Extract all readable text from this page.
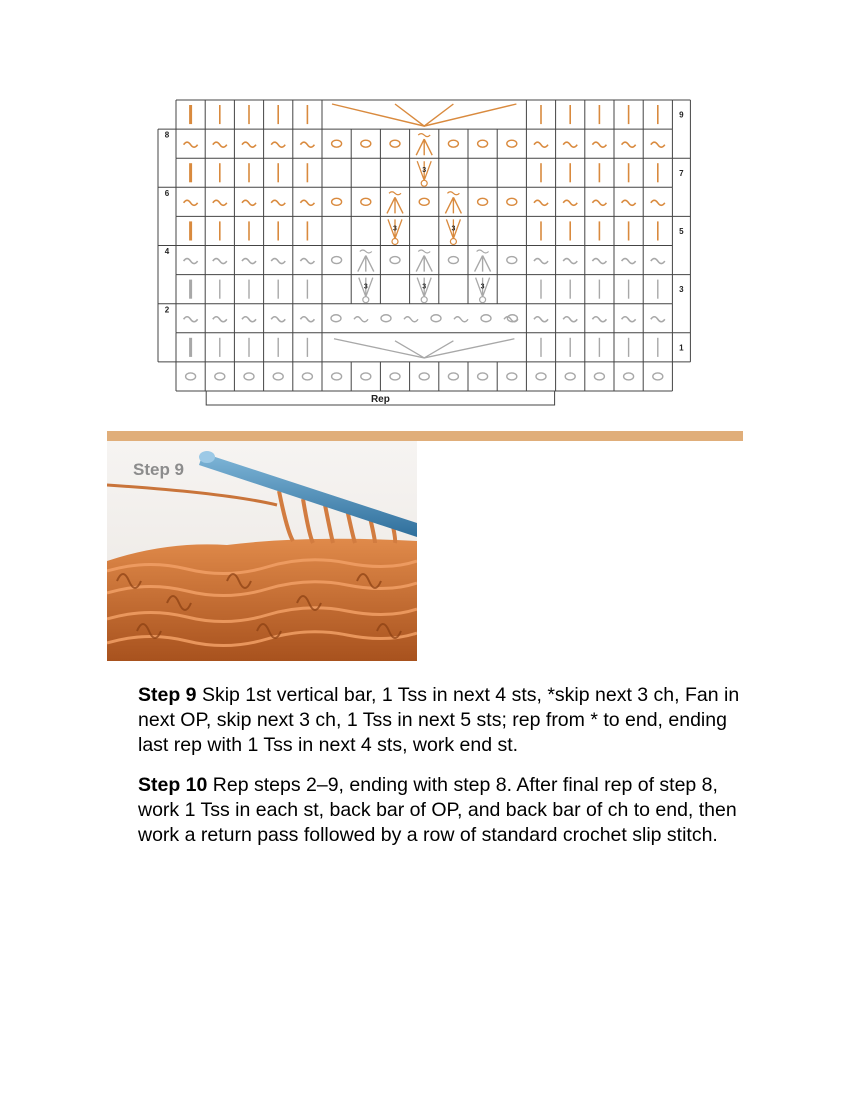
Rep
9
7
5
3
1
8
6
4
2
3
3	3
3	3	3
Step 9

Step 9 Skip 1st vertical bar, 1 Tss in next 4 sts, *skip next 3 ch, Fan in next OP, skip next 3 ch, 1 Tss in next 5 sts; rep from * to end, ending last rep with 1 Tss in next 4 sts, work end st.

Step 10 Rep steps 2–9, ending with step 8. After final rep of step 8, work 1 Tss in each st, back bar of OP, and back bar of ch to end, then work a return pass followed by a row of standard crochet slip stitch.
